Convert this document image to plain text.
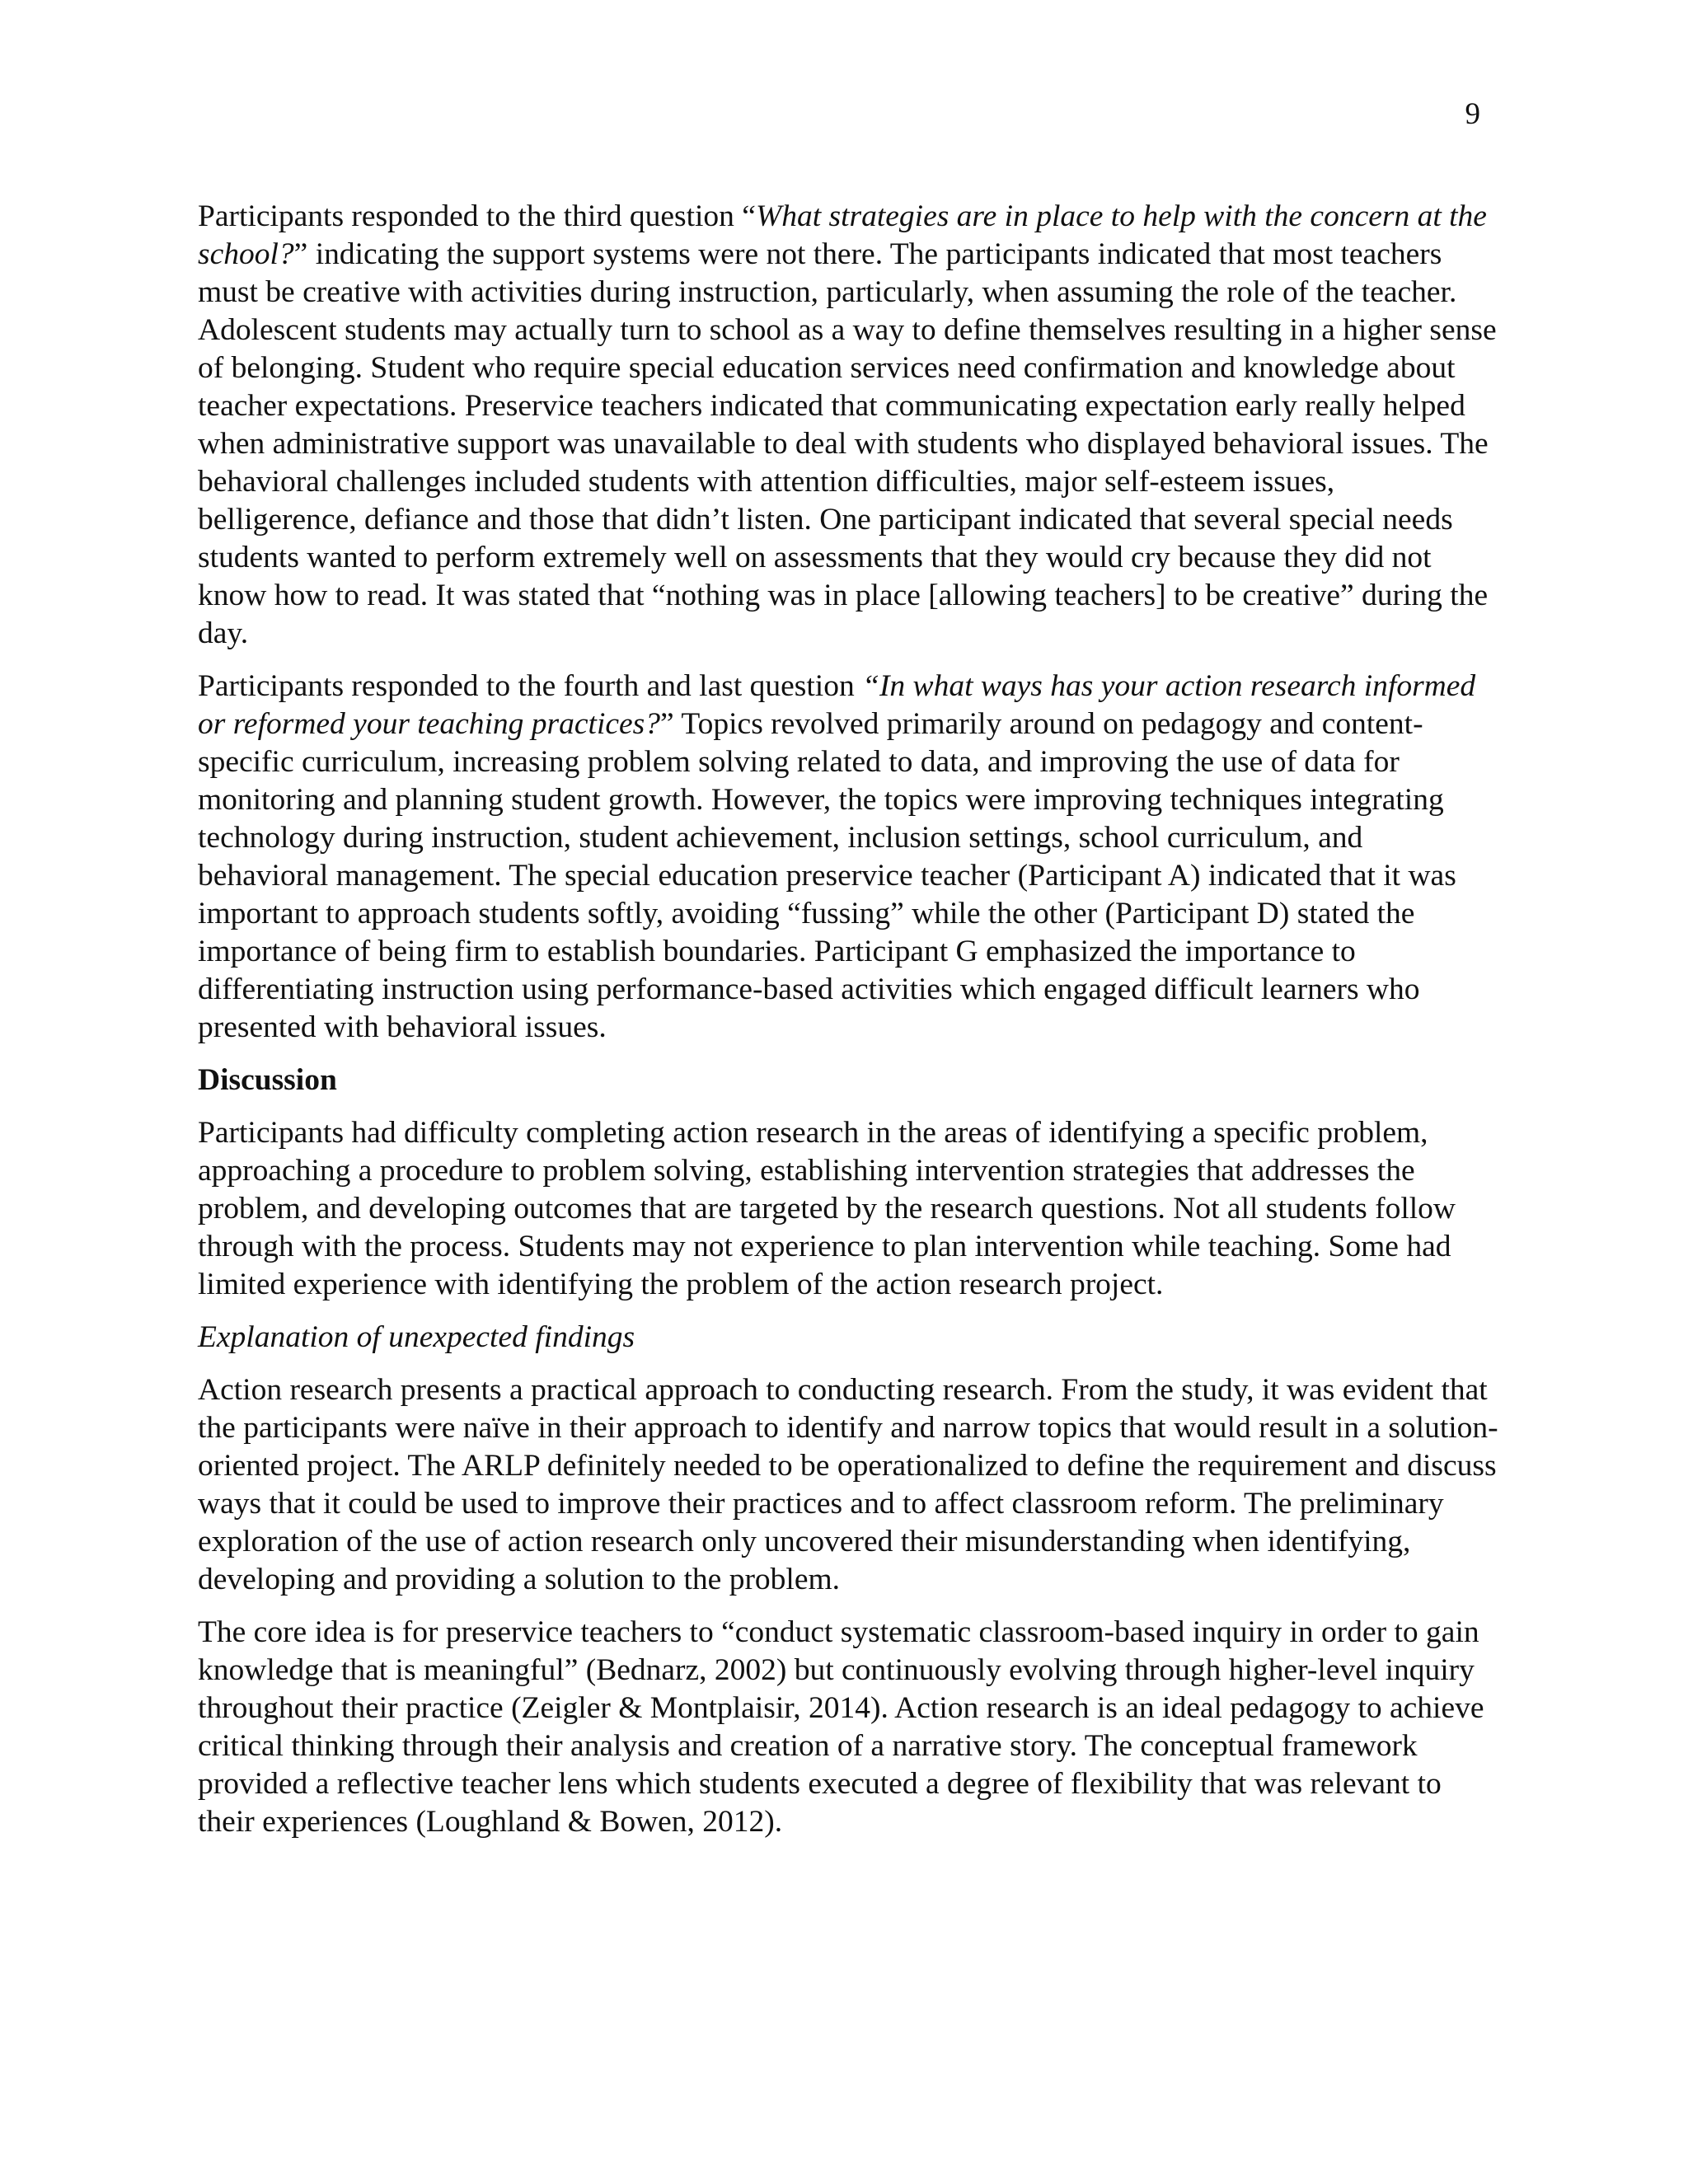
9

Participants responded to the third question “What strategies are in place to help with the concern at the school?” indicating the support systems were not there. The participants indicated that most teachers must be creative with activities during instruction, particularly, when assuming the role of the teacher. Adolescent students may actually turn to school as a way to define themselves resulting in a higher sense of belonging. Student who require special education services need confirmation and knowledge about teacher expectations. Preservice teachers indicated that communicating expectation early really helped when administrative support was unavailable to deal with students who displayed behavioral issues. The behavioral challenges included students with attention difficulties, major self-esteem issues, belligerence, defiance and those that didn’t listen. One participant indicated that several special needs students wanted to perform extremely well on assessments that they would cry because they did not know how to read. It was stated that “nothing was in place [allowing teachers] to be creative” during the day.

Participants responded to the fourth and last question “In what ways has your action research informed or reformed your teaching practices?” Topics revolved primarily around on pedagogy and content-specific curriculum, increasing problem solving related to data, and improving the use of data for monitoring and planning student growth. However, the topics were improving techniques integrating technology during instruction, student achievement, inclusion settings, school curriculum, and behavioral management. The special education preservice teacher (Participant A) indicated that it was important to approach students softly, avoiding “fussing” while the other (Participant D) stated the importance of being firm to establish boundaries. Participant G emphasized the importance to differentiating instruction using performance-based activities which engaged difficult learners who presented with behavioral issues.

Discussion

Participants had difficulty completing action research in the areas of identifying a specific problem, approaching a procedure to problem solving, establishing intervention strategies that addresses the problem, and developing outcomes that are targeted by the research questions. Not all students follow through with the process. Students may not experience to plan intervention while teaching. Some had limited experience with identifying the problem of the action research project.

Explanation of unexpected findings

Action research presents a practical approach to conducting research. From the study, it was evident that the participants were naïve in their approach to identify and narrow topics that would result in a solution-oriented project. The ARLP definitely needed to be operationalized to define the requirement and discuss ways that it could be used to improve their practices and to affect classroom reform. The preliminary exploration of the use of action research only uncovered their misunderstanding when identifying, developing and providing a solution to the problem.

The core idea is for preservice teachers to “conduct systematic classroom-based inquiry in order to gain knowledge that is meaningful” (Bednarz, 2002) but continuously evolving through higher-level inquiry throughout their practice (Zeigler & Montplaisir, 2014). Action research is an ideal pedagogy to achieve critical thinking through their analysis and creation of a narrative story. The conceptual framework provided a reflective teacher lens which students executed a degree of flexibility that was relevant to their experiences (Loughland & Bowen, 2012).
